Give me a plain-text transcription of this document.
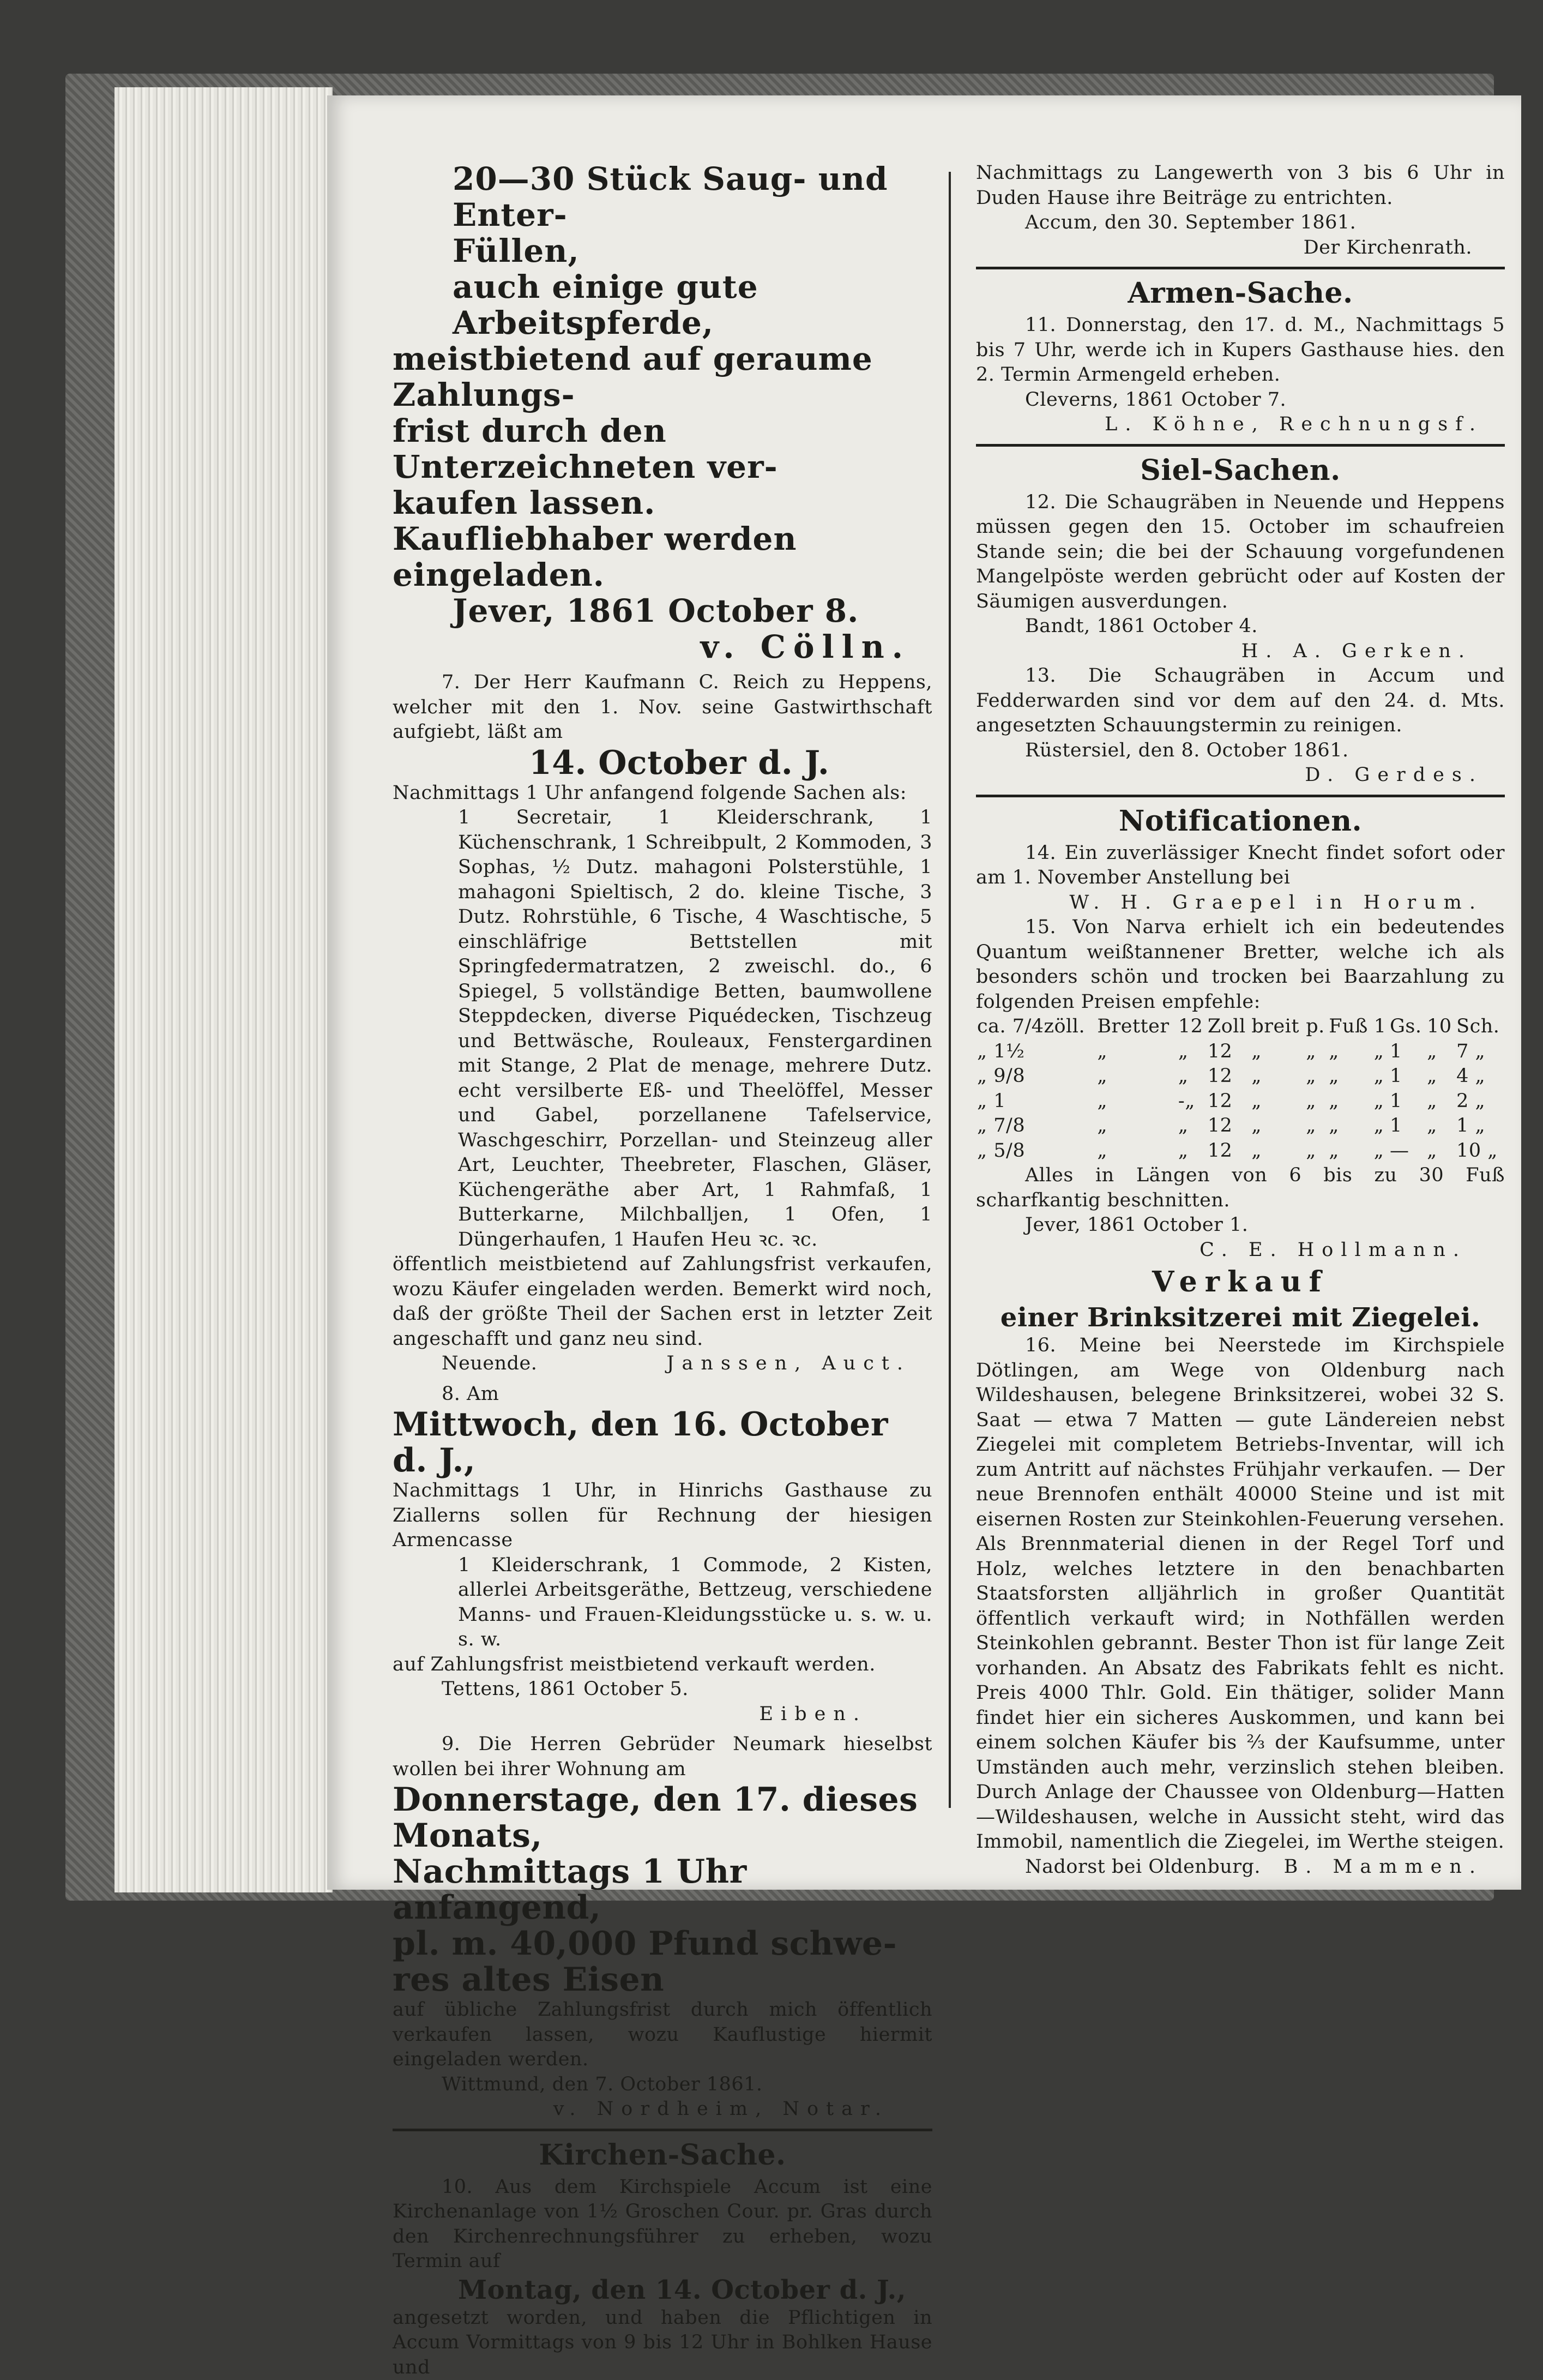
20—30 Stück Saug- und Enter-
Füllen,
auch einige gute Arbeitspferde,
meistbietend auf geraume Zahlungs-
frist durch den Unterzeichneten ver-
kaufen lassen.
Kaufliebhaber werden eingeladen.
Jever, 1861 October 8.
v. Cölln.

7. Der Herr Kaufmann C. Reich zu Heppens, welcher mit den 1. Nov. seine Gastwirthschaft aufgiebt, läßt am

14. October d. J.

Nachmittags 1 Uhr anfangend folgende Sachen als:

1 Secretair, 1 Kleiderschrank, 1 Küchenschrank, 1 Schreibpult, 2 Kommoden, 3 Sophas, ½ Dutz. mahagoni Polsterstühle, 1 mahagoni Spieltisch, 2 do. kleine Tische, 3 Dutz. Rohrstühle, 6 Tische, 4 Waschtische, 5 einschläfrige Bettstellen mit Springfedermatratzen, 2 zweischl. do., 6 Spiegel, 5 vollständige Betten, baumwollene Steppdecken, diverse Piquédecken, Tischzeug und Bettwäsche, Rouleaux, Fenstergardinen mit Stange, 2 Plat de menage, mehrere Dutz. echt versilberte Eß- und Theelöffel, Messer und Gabel, porzellanene Tafelservice, Waschgeschirr, Porzellan- und Steinzeug aller Art, Leuchter, Theebreter, Flaschen, Gläser, Küchengeräthe aber Art, 1 Rahmfaß, 1 Butterkarne, Milchballjen, 1 Ofen, 1 Düngerhaufen, 1 Haufen Heu ꝛc. ꝛc.

öffentlich meistbietend auf Zahlungsfrist verkaufen, wozu Käufer eingeladen werden. Bemerkt wird noch, daß der größte Theil der Sachen erst in letzter Zeit angeschafft und ganz neu sind.

Neuende.	Janssen, Auct.
8. Am
Mittwoch, den 16. October d. J.,

Nachmittags 1 Uhr, in Hinrichs Gasthause zu Ziallerns sollen für Rechnung der hiesigen Armencasse

1 Kleiderschrank, 1 Commode, 2 Kisten, allerlei Arbeitsgeräthe, Bettzeug, verschiedene Manns- und Frauen-Kleidungsstücke u. s. w. u. s. w.

auf Zahlungsfrist meistbietend verkauft werden.

Tettens, 1861 October 5.
Eiben.

9. Die Herren Gebrüder Neumark hieselbst wollen bei ihrer Wohnung am

Donnerstage, den 17. dieses Monats,
Nachmittags 1 Uhr anfangend,
pl. m. 40,000 Pfund schwe-
res altes Eisen

auf übliche Zahlungsfrist durch mich öffentlich verkaufen lassen, wozu Kauflustige hiermit eingeladen werden.

Wittmund, den 7. October 1861.
v. Nordheim, Notar.
Kirchen-Sache.

10. Aus dem Kirchspiele Accum ist eine Kirchenanlage von 1½ Groschen Cour. pr. Gras durch den Kirchenrechnungsführer zu erheben, wozu Termin auf

Montag, den 14. October d. J.,

angesetzt worden, und haben die Pflichtigen in Accum Vormittags von 9 bis 12 Uhr in Bohlken Hause und

Nachmittags zu Langewerth von 3 bis 6 Uhr in Duden Hause ihre Beiträge zu entrichten.

Accum, den 30. September 1861.
Der Kirchenrath.
Armen-Sache.

11. Donnerstag, den 17. d. M., Nachmittags 5 bis 7 Uhr, werde ich in Kupers Gasthause hies. den 2. Termin Armengeld erheben.

Cleverns, 1861 October 7.
L. Köhne, Rechnungsf.
Siel-Sachen.

12. Die Schaugräben in Neuende und Heppens müssen gegen den 15. October im schaufreien Stande sein; die bei der Schauung vorgefundenen Mangelpöste werden gebrücht oder auf Kosten der Säumigen ausverdungen.

Bandt, 1861 October 4.
H. A. Gerken.

13. Die Schaugräben in Accum und Fedderwarden sind vor dem auf den 24. d. Mts. angesetzten Schauungstermin zu reinigen.

Rüstersiel, den 8. October 1861.
D. Gerdes.
Notificationen.

14. Ein zuverlässiger Knecht findet sofort oder am 1. November Anstellung bei

W. H. Graepel in Horum.

15. Von Narva erhielt ich ein bedeutendes Quantum weißtannener Bretter, welche ich als besonders schön und trocken bei Baarzahlung zu folgenden Preisen empfehle:

ca. 7/4zöll.	Bretter	12	Zoll	breit	p.	Fuß	1	Gs.	10	Sch.
„ 1½	„	„	12	„	„	„	„	1	„	7 „
„ 9/8	„	„	12	„	„	„	„	1	„	4 „
„ 1	„	-„	12	„	„	„	„	1	„	2 „
„ 7/8	„	„	12	„	„	„	„	1	„	1 „
„ 5/8	„	„	12	„	„	„	„	—	„	10 „

Alles in Längen von 6 bis zu 30 Fuß scharfkantig beschnitten.

Jever, 1861 October 1.
C. E. Hollmann.
Verkauf
einer Brinksitzerei mit Ziegelei.

16. Meine bei Neerstede im Kirchspiele Dötlingen, am Wege von Oldenburg nach Wildeshausen, belegene Brinksitzerei, wobei 32 S. Saat — etwa 7 Matten — gute Ländereien nebst Ziegelei mit completem Betriebs-Inventar, will ich zum Antritt auf nächstes Frühjahr verkaufen. — Der neue Brennofen enthält 40000 Steine und ist mit eisernen Rosten zur Steinkohlen-Feuerung versehen. Als Brennmaterial dienen in der Regel Torf und Holz, welches letztere in den benachbarten Staatsforsten alljährlich in großer Quantität öffentlich verkauft wird; in Nothfällen werden Steinkohlen gebrannt. Bester Thon ist für lange Zeit vorhanden. An Absatz des Fabrikats fehlt es nicht. Preis 4000 Thlr. Gold. Ein thätiger, solider Mann findet hier ein sicheres Auskommen, und kann bei einem solchen Käufer bis ⅔ der Kaufsumme, unter Umständen auch mehr, verzinslich stehen bleiben. Durch Anlage der Chaussee von Oldenburg—Hatten—Wildeshausen, welche in Aussicht steht, wird das Immobil, namentlich die Ziegelei, im Werthe steigen.

Nadorst bei Oldenburg. B. Mammen.
